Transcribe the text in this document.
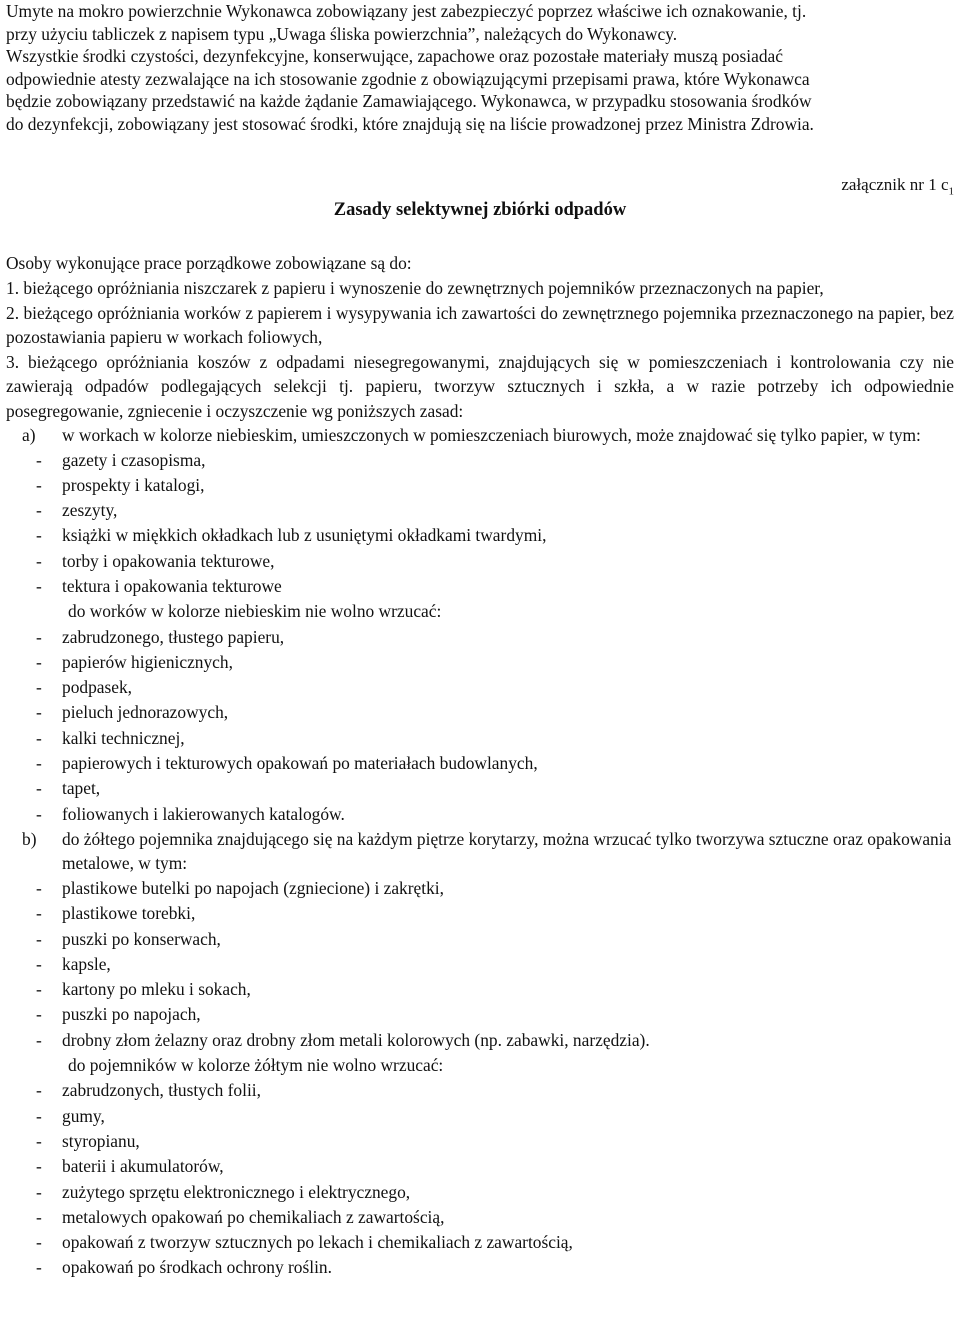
Umyte na mokro powierzchnie Wykonawca zobowiązany jest zabezpieczyć poprzez właściwe ich oznakowanie, tj.
przy użyciu tabliczek z napisem typu „Uwaga śliska powierzchnia”, należących do Wykonawcy.
Wszystkie środki czystości, dezynfekcyjne, konserwujące, zapachowe oraz pozostałe materiały muszą posiadać
odpowiednie atesty zezwalające na ich stosowanie zgodnie z obowiązującymi przepisami prawa, które Wykonawca
będzie zobowiązany przedstawić na każde żądanie Zamawiającego. Wykonawca, w przypadku stosowania środków
do dezynfekcji, zobowiązany jest stosować środki, które znajdują się na liście prowadzonej przez Ministra Zdrowia.
załącznik nr 1 $c_1$
Zasady selektywnej zbiórki odpadów

Osoby wykonujące prace porządkowe zobowiązane są do:

1. bieżącego opróżniania niszczarek z papieru i wynoszenie do zewnętrznych pojemników przeznaczonych na papier,
2. bieżącego opróżniania worków z papierem i wysypywania ich zawartości do zewnętrznego pojemnika przeznaczonego na papier, bez pozostawiania papieru w workach foliowych,
3. bieżącego opróżniania koszów z odpadami niesegregowanymi, znajdujących się w pomieszczeniach i kontrolowania czy nie zawierają odpadów podlegających selekcji tj. papieru, tworzyw sztucznych i szkła, a w razie potrzeby ich odpowiednie posegregowanie, zgniecenie i oczyszczenie wg poniższych zasad:
a) w workach w kolorze niebieskim, umieszczonych w pomieszczeniach biurowych, może znajdować się tylko papier, w tym:
- gazety i czasopisma,
- prospekty i katalogi,
- zeszyty,
- książki w miękkich okładkach lub z usuniętymi okładkami twardymi,
- torby i opakowania tekturowe,
- tektura i opakowania tekturowe
do worków w kolorze niebieskim nie wolno wrzucać:
- zabrudzonego, tłustego papieru,
- papierów higienicznych,
- podpasek,
- pieluch jednorazowych,
- kalki technicznej,
- papierowych i tekturowych opakowań po materiałach budowlanych,
- tapet,
- foliowanych i lakierowanych katalogów.
b) do żółtego pojemnika znajdującego się na każdym piętrze korytarzy, można wrzucać tylko tworzywa sztuczne oraz opakowania metalowe, w tym:
- plastikowe butelki po napojach (zgniecione) i zakrętki,
- plastikowe torebki,
- puszki po konserwach,
- kapsle,
- kartony po mleku i sokach,
- puszki po napojach,
- drobny złom żelazny oraz drobny złom metali kolorowych (np. zabawki, narzędzia).
do pojemników w kolorze żółtym nie wolno wrzucać:
- zabrudzonych, tłustych folii,
- gumy,
- styropianu,
- baterii i akumulatorów,
- zużytego sprzętu elektronicznego i elektrycznego,
- metalowych opakowań po chemikaliach z zawartością,
- opakowań z tworzyw sztucznych po lekach i chemikaliach z zawartością,
- opakowań po środkach ochrony roślin.
